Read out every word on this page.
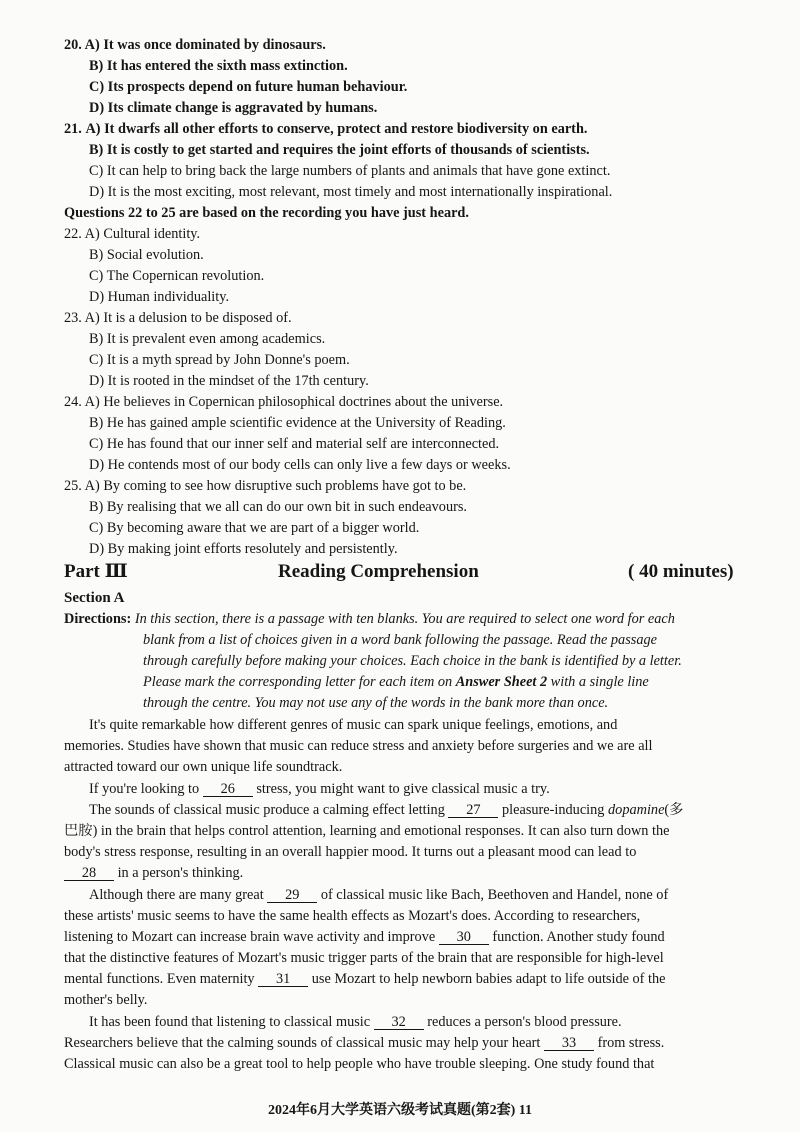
20. A) It was once dominated by dinosaurs.
B) It has entered the sixth mass extinction.
C) Its prospects depend on future human behaviour.
D) Its climate change is aggravated by humans.
21. A) It dwarfs all other efforts to conserve, protect and restore biodiversity on earth.
B) It is costly to get started and requires the joint efforts of thousands of scientists.
C) It can help to bring back the large numbers of plants and animals that have gone extinct.
D) It is the most exciting, most relevant, most timely and most internationally inspirational.
Questions 22 to 25 are based on the recording you have just heard.
22. A) Cultural identity.
B) Social evolution.
C) The Copernican revolution.
D) Human individuality.
23. A) It is a delusion to be disposed of.
B) It is prevalent even among academics.
C) It is a myth spread by John Donne's poem.
D) It is rooted in the mindset of the 17th century.
24. A) He believes in Copernican philosophical doctrines about the universe.
B) He has gained ample scientific evidence at the University of Reading.
C) He has found that our inner self and material self are interconnected.
D) He contends most of our body cells can only live a few days or weeks.
25. A) By coming to see how disruptive such problems have got to be.
B) By realising that we all can do our own bit in such endeavours.
C) By becoming aware that we are part of a bigger world.
D) By making joint efforts resolutely and persistently.
Part Ⅲ	Reading Comprehension	( 40 minutes)
Section A
Directions: In this section, there is a passage with ten blanks. You are required to select one word for each
blank from a list of choices given in a word bank following the passage. Read the passage
through carefully before making your choices. Each choice in the bank is identified by a letter.
Please mark the corresponding letter for each item on Answer Sheet 2 with a single line
through the centre. You may not use any of the words in the bank more than once.
It's quite remarkable how different genres of music can spark unique feelings, emotions, and
memories. Studies have shown that music can reduce stress and anxiety before surgeries and we are all
attracted toward our own unique life soundtrack.
If you're looking to 26 stress, you might want to give classical music a try.
The sounds of classical music produce a calming effect letting 27 pleasure-inducing dopamine(多
巴胺) in the brain that helps control attention, learning and emotional responses. It can also turn down the
body's stress response, resulting in an overall happier mood. It turns out a pleasant mood can lead to
28 in a person's thinking.
Although there are many great 29 of classical music like Bach, Beethoven and Handel, none of
these artists' music seems to have the same health effects as Mozart's does. According to researchers,
listening to Mozart can increase brain wave activity and improve 30 function. Another study found
that the distinctive features of Mozart's music trigger parts of the brain that are responsible for high-level
mental functions. Even maternity 31 use Mozart to help newborn babies adapt to life outside of the
mother's belly.
It has been found that listening to classical music 32 reduces a person's blood pressure.
Researchers believe that the calming sounds of classical music may help your heart 33 from stress.
Classical music can also be a great tool to help people who have trouble sleeping. One study found that
2024年6月大学英语六级考试真题(第2套) 11
